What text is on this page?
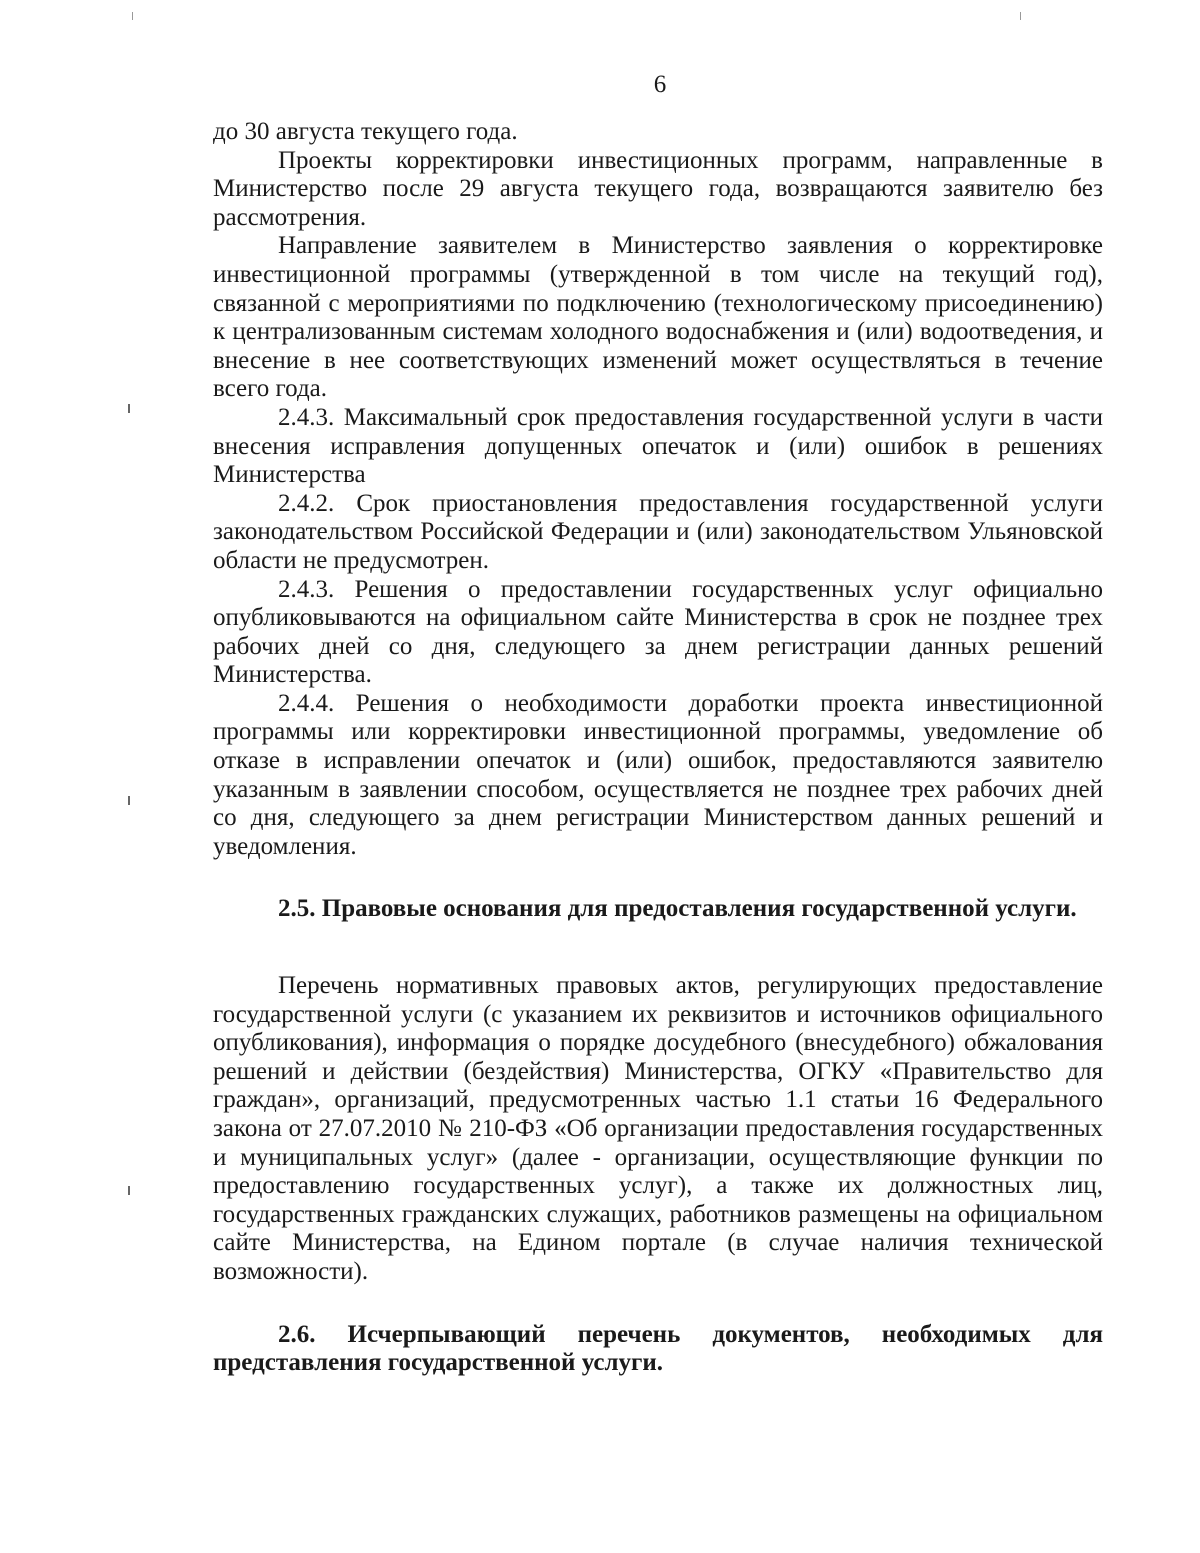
6

до 30 августа текущего года.

Проекты корректировки инвестиционных программ, направленные в Министерство после 29 августа текущего года, возвращаются заявителю без рассмотрения.

Направление заявителем в Министерство заявления о корректировке инвестиционной программы (утвержденной в том числе на текущий год), связанной с мероприятиями по подключению (технологическому присоединению) к централизованным системам холодного водоснабжения и (или) водоотведения, и внесение в нее соответствующих изменений может осуществляться в течение всего года.

2.4.3. Максимальный срок предоставления государственной услуги в части внесения исправления допущенных опечаток и (или) ошибок в решениях Министерства

2.4.2. Срок приостановления предоставления государственной услуги законодательством Российской Федерации и (или) законодательством Ульяновской области не предусмотрен.

2.4.3. Решения о предоставлении государственных услуг официально опубликовываются на официальном сайте Министерства в срок не позднее трех рабочих дней со дня, следующего за днем регистрации данных решений Министерства.

2.4.4. Решения о необходимости доработки проекта инвестиционной программы или корректировки инвестиционной программы, уведомление об отказе в исправлении опечаток и (или) ошибок, предоставляются заявителю указанным в заявлении способом, осуществляется не позднее трех рабочих дней со дня, следующего за днем регистрации Министерством данных решений и уведомления.

2.5. Правовые основания для предоставления государственной услуги.

Перечень нормативных правовых актов, регулирующих предоставление государственной услуги (с указанием их реквизитов и источников официального опубликования), информация о порядке досудебного (внесудебного) обжалования решений и действии (бездействия) Министерства, ОГКУ «Правительство для граждан», организаций, предусмотренных частью 1.1 статьи 16 Федерального закона от 27.07.2010 № 210-ФЗ «Об организации предоставления государственных и муниципальных услуг» (далее - организации, осуществляющие функции по предоставлению государственных услуг), а также их должностных лиц, государственных гражданских служащих, работников размещены на официальном сайте Министерства, на Едином портале (в случае наличия технической возможности).

2.6. Исчерпывающий перечень документов, необходимых для представления государственной услуги.
